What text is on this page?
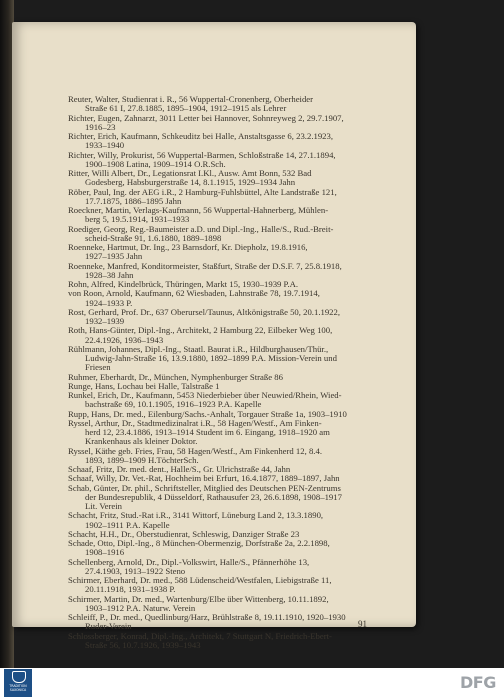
Reuter, Walter, Studienrat i. R., 56 Wuppertal-Cronenberg, Oberheider
Straße 61 I, 27.8.1885, 1895–1904, 1912–1915 als Lehrer
Richter, Eugen, Zahnarzt, 3011 Letter bei Hannover, Sohnreyweg 2, 29.7.1907,
1916–23
Richter, Erich, Kaufmann, Schkeuditz bei Halle, Anstaltsgasse 6, 23.2.1923,
1933–1940
Richter, Willy, Prokurist, 56 Wuppertal-Barmen, Schloßstraße 14, 27.1.1894,
1900–1908 Latina, 1909–1914 O.R.Sch.
Ritter, Willi Albert, Dr., Legationsrat I.Kl., Ausw. Amt Bonn, 532 Bad
Godesberg, Habsburgerstraße 14, 8.1.1915, 1929–1934 Jahn
Röber, Paul, Ing. der AEG i.R., 2 Hamburg-Fuhlsbüttel, Alte Landstraße 121,
17.7.1875, 1886–1895 Jahn
Roeckner, Martin, Verlags-Kaufmann, 56 Wuppertal-Hahnerberg, Mühlen-
berg 5, 19.5.1914, 1931–1933
Roediger, Georg, Reg.-Baumeister a.D. und Dipl.-Ing., Halle/S., Rud.-Breit-
scheid-Straße 91, 1.6.1880, 1889–1898
Roenneke, Hartmut, Dr. Ing., 23 Barnsdorf, Kr. Diepholz, 19.8.1916,
1927–1935 Jahn
Roenneke, Manfred, Konditormeister, Staßfurt, Straße der D.S.F. 7, 25.8.1918,
1928–38 Jahn
Rohn, Alfred, Kindelbrück, Thüringen, Markt 15, 1930–1939 P.A.
von Roon, Arnold, Kaufmann, 62 Wiesbaden, Lahnstraße 78, 19.7.1914,
1924–1933 P.
Rost, Gerhard, Prof. Dr., 637 Oberursel/Taunus, Altkönigstraße 50, 20.1.1922,
1932–1939
Roth, Hans-Günter, Dipl.-Ing., Architekt, 2 Hamburg 22, Eilbeker Weg 100,
22.4.1926, 1936–1943
Rühlmann, Johannes, Dipl.-Ing., Staatl. Baurat i.R., Hildburghausen/Thür.,
Ludwig-Jahn-Straße 16, 13.9.1880, 1892–1899 P.A. Mission-Verein und
Friesen
Ruhmer, Eberhardt, Dr., München, Nymphenburger Straße 86
Runge, Hans, Lochau bei Halle, Talstraße 1
Runkel, Erich, Dr., Kaufmann, 5453 Niederbieber über Neuwied/Rhein, Wied-
bachstraße 69, 10.1.1905, 1916–1923 P.A. Kapelle
Rupp, Hans, Dr. med., Eilenburg/Sachs.-Anhalt, Torgauer Straße 1a, 1903–1910
Ryssel, Arthur, Dr., Stadtmedizinalrat i.R., 58 Hagen/Westf., Am Finken-
herd 12, 23.4.1886, 1913–1914 Student im 6. Eingang, 1918–1920 am
Krankenhaus als kleiner Doktor.
Ryssel, Käthe geb. Fries, Frau, 58 Hagen/Westf., Am Finkenherd 12, 8.4.
1893, 1899–1909 H.TöchterSch.
Schaaf, Fritz, Dr. med. dent., Halle/S., Gr. Ulrichstraße 44, Jahn
Schaaf, Willy, Dr. Vet.-Rat, Hochheim bei Erfurt, 16.4.1877, 1889–1897, Jahn
Schab, Günter, Dr. phil., Schriftsteller, Mitglied des Deutschen PEN-Zentrums
der Bundesrepublik, 4 Düsseldorf, Rathausufer 23, 26.6.1898, 1908–1917
Lit. Verein
Schacht, Fritz, Stud.-Rat i.R., 3141 Wittorf, Lüneburg Land 2, 13.3.1890,
1902–1911 P.A. Kapelle
Schacht, H.H., Dr., Oberstudienrat, Schleswig, Danziger Straße 23
Schade, Otto, Dipl.-Ing., 8 München-Obermenzig, Dorfstraße 2a, 2.2.1898,
1908–1916
Schellenberg, Arnold, Dr., Dipl.-Volkswirt, Halle/S., Pfännerhöhe 13,
27.4.1903, 1913–1922 Steno
Schirmer, Eberhard, Dr. med., 588 Lüdenscheid/Westfalen, Liebigstraße 11,
20.11.1918, 1931–1938 P.
Schirmer, Martin, Dr. med., Wartenburg/Elbe über Wittenberg, 10.11.1892,
1903–1912 P.A. Naturw. Verein
Schleiff, P., Dr. med., Quedlinburg/Harz, Brühlstraße 8, 19.11.1910, 1920–1930
Ruder-Verein
Schlossberger, Konrad, Dipl.-Ing., Architekt, 7 Stuttgart N, Friedrich-Ebert-
Straße 56, 10.7.1926, 1939–1943
91
TRADITION
SAXONICA	DFG
